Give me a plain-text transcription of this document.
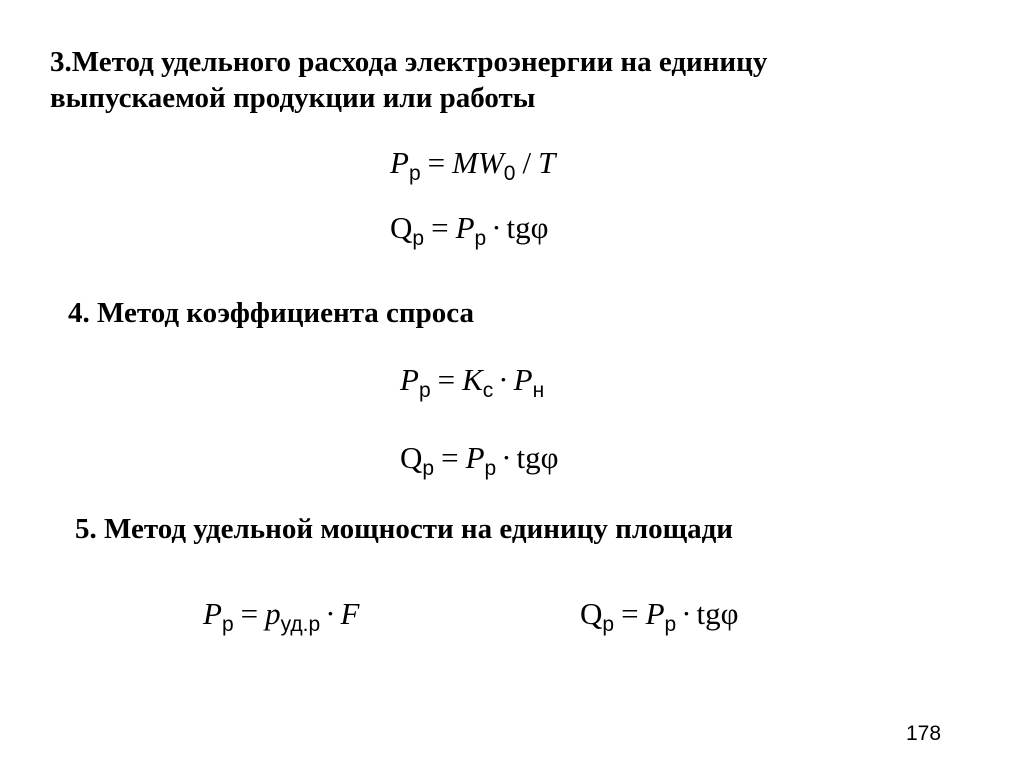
3.Метод удельного расхода электроэнергии на единицу
выпускаемой продукции или работы
$P_р = MW_0 / T$
$Q_р = P_р \cdot tg\varphi$
4. Метод коэффициента спроса
$P_р = K_с \cdot P_н$
$Q_р = P_р \cdot tg\varphi$
5. Метод удельной мощности на единицу площади
$P_р = p_{уд.р} \cdot F$	$Q_р = P_р \cdot tg\varphi$
178
